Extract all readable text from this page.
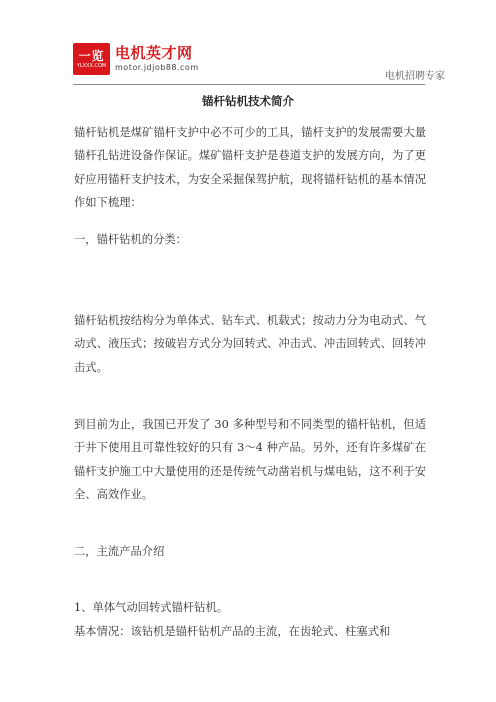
一览
YLXXX.COM
电机英才网
motor.jdjob88.com
电机招聘专家
锚杆钻机技术简介
锚杆钻机是煤矿锚杆支护中必不可少的工具，锚杆支护的发展需要大量锚杆孔钻进设备作保证。煤矿锚杆支护是巷道支护的发展方向，为了更好应用锚杆支护技术，为安全采掘保驾护航，现将锚杆钻机的基本情况作如下梳理：
一，锚杆钻机的分类：
锚杆钻机按结构分为单体式、钻车式、机载式；按动力分为电动式、气动式、液压式；按破岩方式分为回转式、冲击式、冲击回转式、回转冲击式。
到目前为止，我国已开发了 30 多种型号和不同类型的锚杆钻机，但适于井下使用且可靠性较好的只有 3～4 种产品。另外，还有许多煤矿在锚杆支护施工中大量使用的还是传统气动凿岩机与煤电钻，这不利于安全、高效作业。
二，主流产品介绍
1、单体气动回转式锚杆钻机。
基本情况：该钻机是锚杆钻机产品的主流，在齿轮式、柱塞式和
